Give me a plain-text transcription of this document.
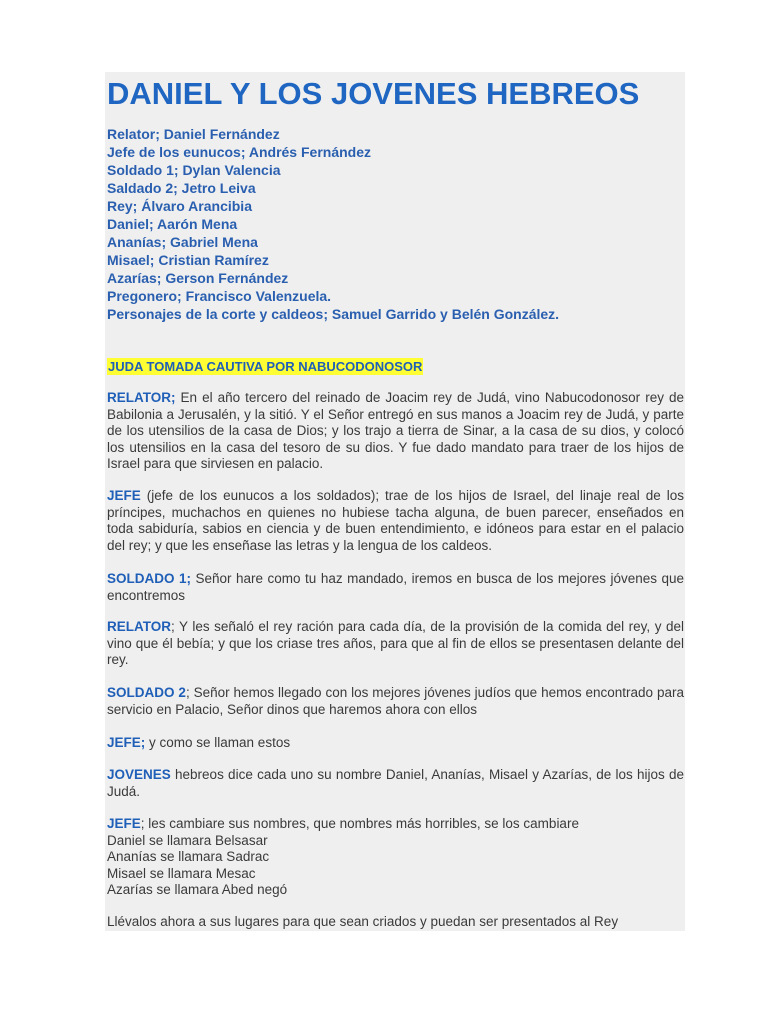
DANIEL Y LOS JOVENES HEBREOS
Relator; Daniel Fernández
Jefe de los eunucos; Andrés Fernández
Soldado 1; Dylan Valencia
Saldado 2; Jetro Leiva
Rey; Álvaro Arancibia
Daniel; Aarón Mena
Ananías; Gabriel Mena
Misael; Cristian Ramírez
Azarías; Gerson Fernández
Pregonero; Francisco Valenzuela.
Personajes de la corte y caldeos; Samuel Garrido y Belén González.
JUDA TOMADA CAUTIVA POR NABUCODONOSOR

RELATOR; En el año tercero del reinado de Joacim rey de Judá, vino Nabucodonosor rey de Babilonia a Jerusalén, y la sitió. Y el Señor entregó en sus manos a Joacim rey de Judá, y parte de los utensilios de la casa de Dios; y los trajo a tierra de Sinar, a la casa de su dios, y colocó los utensilios en la casa del tesoro de su dios. Y fue dado mandato para traer de los hijos de Israel para que sirviesen en palacio.

JEFE (jefe de los eunucos a los soldados); trae de los hijos de Israel, del linaje real de los príncipes, muchachos en quienes no hubiese tacha alguna, de buen parecer, enseñados en toda sabiduría, sabios en ciencia y de buen entendimiento, e idóneos para estar en el palacio del rey; y que les enseñase las letras y la lengua de los caldeos.

SOLDADO 1; Señor hare como tu haz mandado, iremos en busca de los mejores jóvenes que encontremos

RELATOR; Y les señaló el rey ración para cada día, de la provisión de la comida del rey, y del vino que él bebía; y que los criase tres años, para que al fin de ellos se presentasen delante del rey.

SOLDADO 2; Señor hemos llegado con los mejores jóvenes judíos que hemos encontrado para servicio en Palacio, Señor dinos que haremos ahora con ellos

JEFE; y como se llaman estos

JOVENES hebreos dice cada uno su nombre Daniel, Ananías, Misael y Azarías, de los hijos de Judá.

JEFE; les cambiare sus nombres, que nombres más horribles, se los cambiare
Daniel se llamara Belsasar
Ananías se llamara Sadrac
Misael se llamara Mesac
Azarías se llamara Abed negó

Llévalos ahora a sus lugares para que sean criados y puedan ser presentados al Rey
